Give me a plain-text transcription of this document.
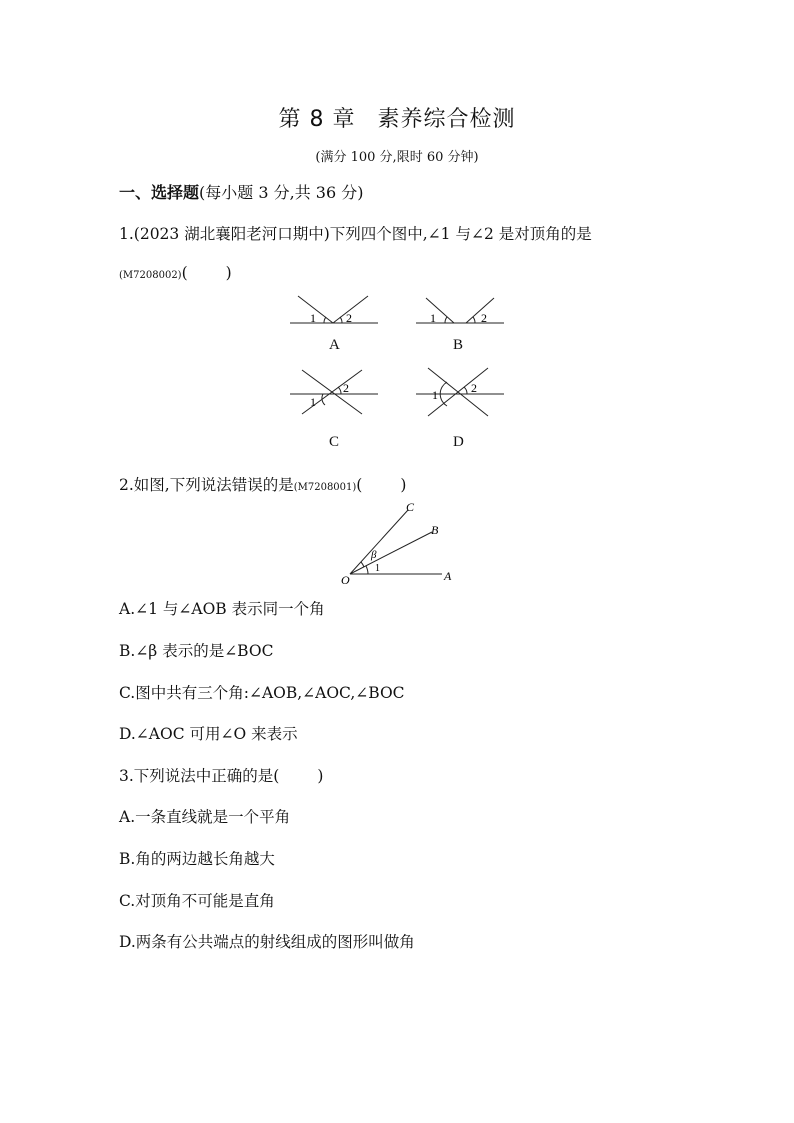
第 8 章 素养综合检测
(满分 100 分,限时 60 分钟)
一、选择题(每小题 3 分,共 36 分)
1.(2023 湖北襄阳老河口期中)下列四个图中,∠1 与∠2 是对顶角的是
(M7208002)( )
1	2
A
1	2
B
1
2
C
1	2
D
2.如图,下列说法错误的是(M7208001)( )
O	A
B
C
1
β
A.∠1 与∠AOB 表示同一个角
B.∠β 表示的是∠BOC
C.图中共有三个角:∠AOB,∠AOC,∠BOC
D.∠AOC 可用∠O 来表示
3.下列说法中正确的是( )
A.一条直线就是一个平角
B.角的两边越长角越大
C.对顶角不可能是直角
D.两条有公共端点的射线组成的图形叫做角
